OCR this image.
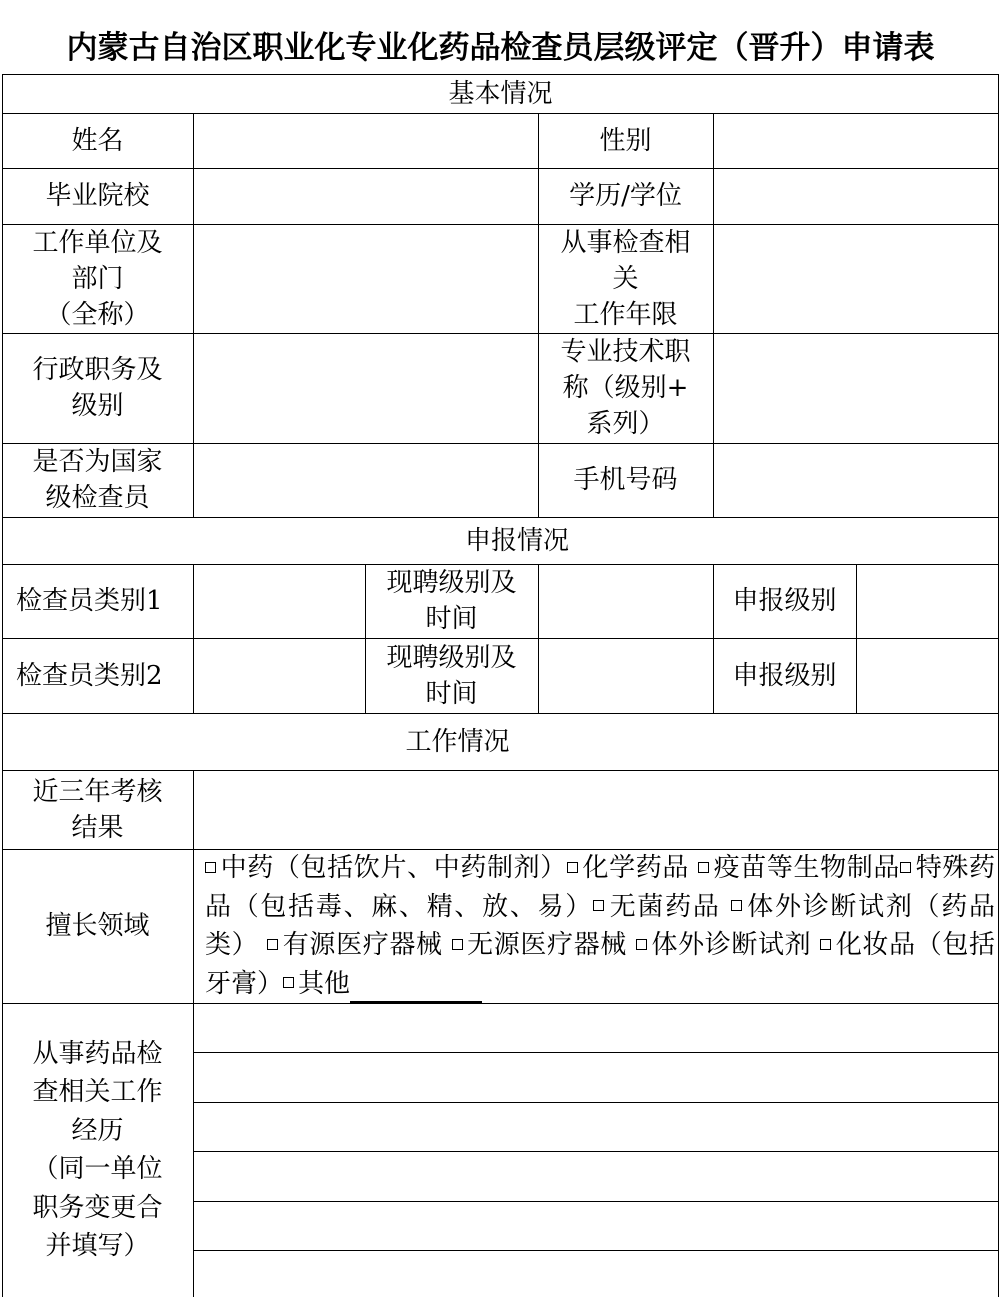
内蒙古自治区职业化专业化药品检查员层级评定（晋升）申请表
基本情况
申报情况
工作情况
姓名	性别
毕业院校	学历/学位
工作单位及
部门
（全称）
从事检查相
关
工作年限
行政职务及
级别
专业技术职
称（级别+
系列）
是否为国家
级检查员
手机号码
检查员类别1
现聘级别及
时间
申报级别
检查员类别2
现聘级别及
时间
申报级别
近三年考核
结果
擅长领域
中药（包括饮片、中药制剂） 化学药品 疫苗等生物制品 特殊药品（包括毒、麻、精、放、易） 无菌药品 体外诊断试剂（药品类） 有源医疗器械 无源医疗器械 体外诊断试剂 化妆品（包括牙膏） 其他
从事药品检
查相关工作
经历
（同一单位
职务变更合
并填写）
